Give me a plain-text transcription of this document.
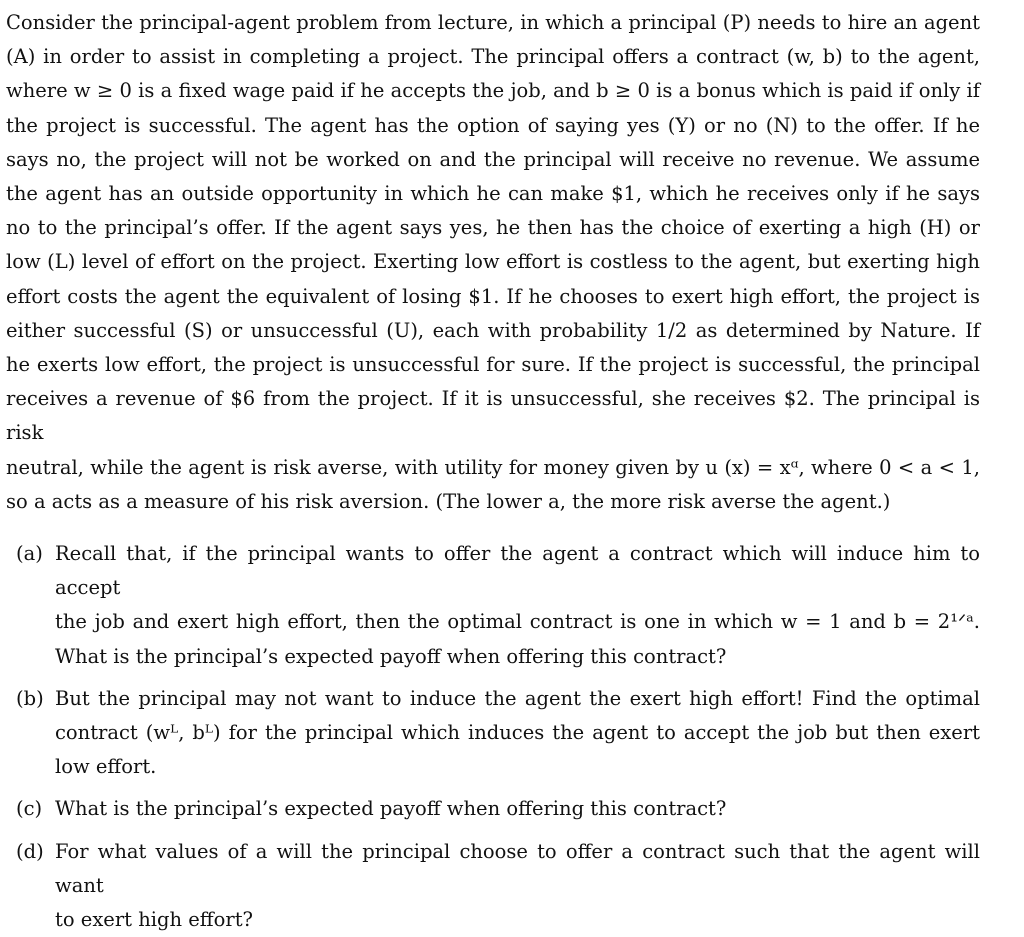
Consider the principal-agent problem from lecture, in which a principal (P) needs to hire an agent
(A) in order to assist in completing a project. The principal offers a contract (w, b) to the agent,
where w ≥ 0 is a fixed wage paid if he accepts the job, and b ≥ 0 is a bonus which is paid if only if
the project is successful. The agent has the option of saying yes (Y) or no (N) to the offer. If he
says no, the project will not be worked on and the principal will receive no revenue. We assume
the agent has an outside opportunity in which he can make $1, which he receives only if he says
no to the principal’s offer. If the agent says yes, he then has the choice of exerting a high (H) or
low (L) level of effort on the project. Exerting low effort is costless to the agent, but exerting high
effort costs the agent the equivalent of losing $1. If he chooses to exert high effort, the project is
either successful (S) or unsuccessful (U), each with probability 1/2 as determined by Nature. If
he exerts low effort, the project is unsuccessful for sure. If the project is successful, the principal
receives a revenue of $6 from the project. If it is unsuccessful, she receives $2. The principal is risk
neutral, while the agent is risk averse, with utility for money given by u (x) = xᵅ, where 0 < a < 1,
so a acts as a measure of his risk aversion. (The lower a, the more risk averse the agent.)

(a) Recall that, if the principal wants to offer the agent a contract which will induce him to accept
the job and exert high effort, then the optimal contract is one in which w = 1 and b = 2¹ᐟᵃ.
What is the principal’s expected payoff when offering this contract?
(b) But the principal may not want to induce the agent the exert high effort! Find the optimal
contract (wᴸ, bᴸ) for the principal which induces the agent to accept the job but then exert
low effort.
(c) What is the principal’s expected payoff when offering this contract?
(d) For what values of a will the principal choose to offer a contract such that the agent will want
to exert high effort?
